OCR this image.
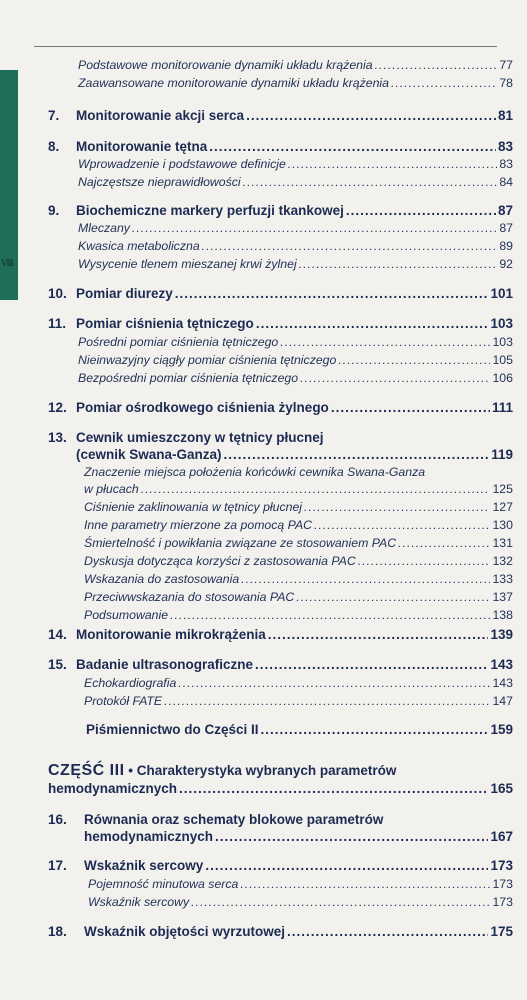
VIII
Podstawowe monitorowanie dynamiki układu krążenia .....	77
Zaawansowane monitorowanie dynamiki układu krążenia .....	78
7.	Monitorowanie akcji serca .....	81
8.	Monitorowanie tętna .....	83
Wprowadzenie i podstawowe definicje .....	83
Najczęstsze nieprawidłowości .....	84
9.	Biochemiczne markery perfuzji tkankowej .....	87
Mleczany .....	87
Kwasica metaboliczna .....	89
Wysycenie tlenem mieszanej krwi żylnej .....	92
10. Pomiar diurezy .....	101
11. Pomiar ciśnienia tętniczego .....	103
Pośredni pomiar ciśnienia tętniczego .....	103
Nieinwazyjny ciągły pomiar ciśnienia tętniczego .....	105
Bezpośredni pomiar ciśnienia tętniczego .....	106
12. Pomiar ośrodkowego ciśnienia żylnego .....	111
13. Cewnik umieszczony w tętnicy płucnej
(cewnik Swana-Ganza) .....	119
Znaczenie miejsca położenia końcówki cewnika Swana-Ganza
w płucach .....	125
Ciśnienie zaklinowania w tętnicy płucnej .....	127
Inne parametry mierzone za pomocą PAC .....	130
Śmiertelność i powikłania związane ze stosowaniem PAC .....	131
Dyskusja dotycząca korzyści z zastosowania PAC .....	132
Wskazania do zastosowania .....	133
Przeciwwskazania do stosowania PAC .....	137
Podsumowanie .....	138
14. Monitorowanie mikrokrążenia .....	139
15. Badanie ultrasonograficzne .....	143
Echokardiografia .....	143
Protokół FATE .....	147
Piśmiennictwo do Części II .....	159
CZĘŚĆ III • Charakterystyka wybranych parametrów
hemodynamicznych .....	165
16. Równania oraz schematy blokowe parametrów
hemodynamicznych .....	167
17.	Wskaźnik sercowy .....	173
Pojemność minutowa serca .....	173
Wskaźnik sercowy .....	173
18.	Wskaźnik objętości wyrzutowej .....	175
